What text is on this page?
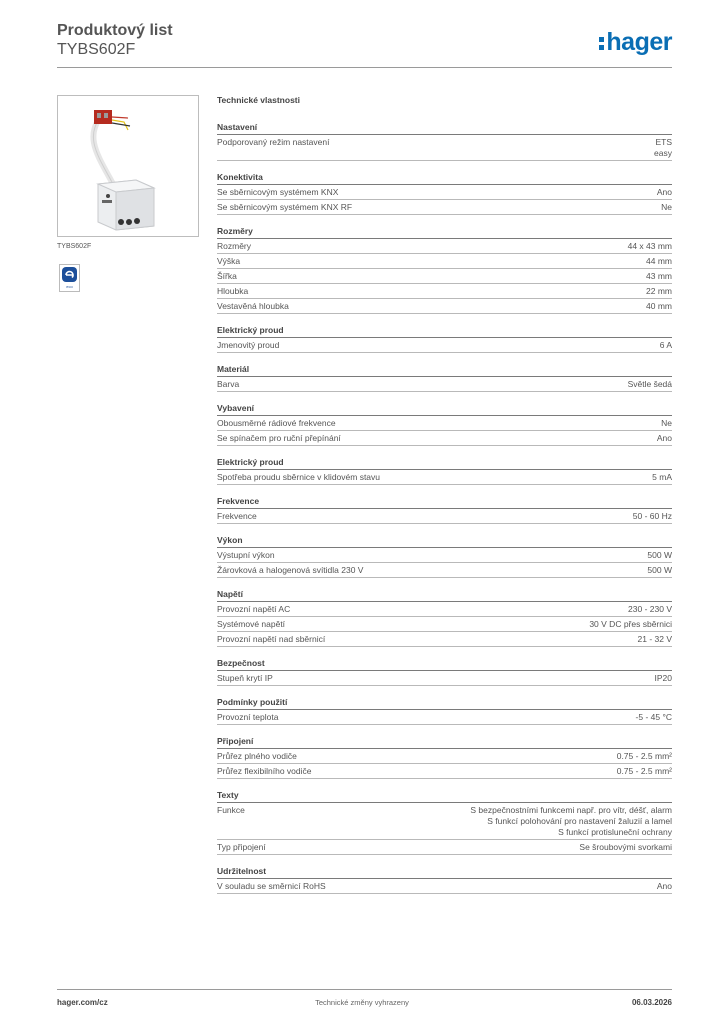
Produktový list
TYBS602F	hager
TYBS602F
eco
Technické vlastnosti
Nastavení
Podporovaný režim nastavení	ETS
easy
Konektivita
Se sběrnicovým systémem KNX	Ano
Se sběrnicovým systémem KNX RF	Ne
Rozměry
Rozměry	44 x 43 mm
Výška	44 mm
Šířka	43 mm
Hloubka	22 mm
Vestavěná hloubka	40 mm
Elektrický proud
Jmenovitý proud	6 A
Materiál
Barva	Světle šedá
Vybavení
Obousměrné rádiové frekvence	Ne
Se spínačem pro ruční přepínání	Ano
Elektrický proud
Spotřeba proudu sběrnice v klidovém stavu	5 mA
Frekvence
Frekvence	50 - 60 Hz
Výkon
Výstupní výkon	500 W
Žárovková a halogenová svítidla 230 V	500 W
Napětí
Provozní napětí AC	230 - 230 V
Systémové napětí	30 V DC přes sběrnici
Provozní napětí nad sběrnicí	21 - 32 V
Bezpečnost
Stupeň krytí IP	IP20
Podmínky použití
Provozní teplota	-5 - 45 °C
Připojení
Průřez plného vodiče	0.75 - 2.5 mm²
Průřez flexibilního vodiče	0.75 - 2.5 mm²
Texty
Funkce	S bezpečnostními funkcemi např. pro vítr, déšť, alarm
S funkcí polohování pro nastavení žaluzií a lamel
S funkcí protisluneční ochrany
Typ připojení	Se šroubovými svorkami
Udržitelnost
V souladu se směrnicí RoHS	Ano
hager.com/cz	Technické změny vyhrazeny	06.03.2026
